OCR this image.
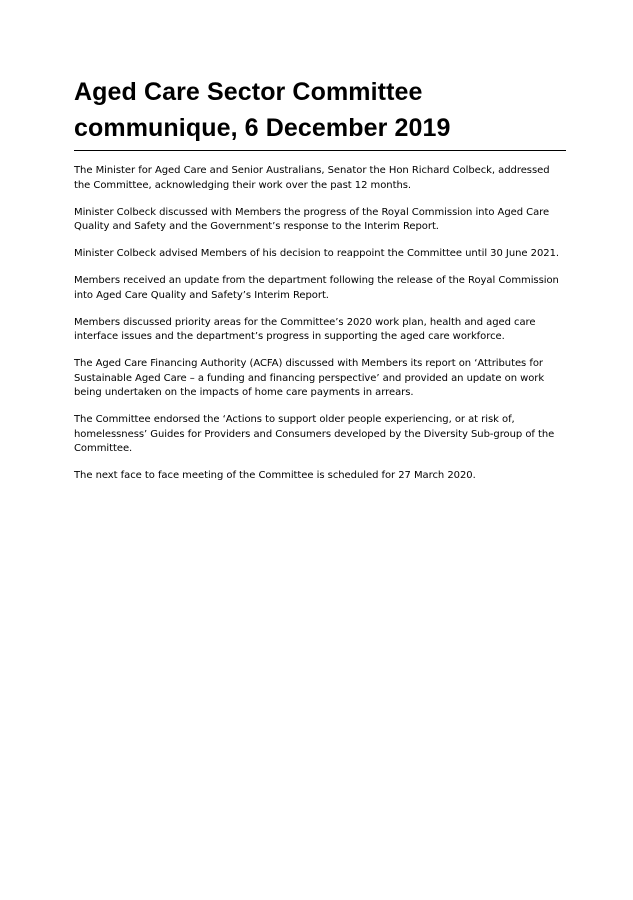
Aged Care Sector Committee
communique, 6 December 2019

The Minister for Aged Care and Senior Australians, Senator the Hon Richard Colbeck, addressed the Committee, acknowledging their work over the past 12 months.

Minister Colbeck discussed with Members the progress of the Royal Commission into Aged Care Quality and Safety and the Government’s response to the Interim Report.

Minister Colbeck advised Members of his decision to reappoint the Committee until 30 June 2021.

Members received an update from the department following the release of the Royal Commission into Aged Care Quality and Safety’s Interim Report.

Members discussed priority areas for the Committee’s 2020 work plan, health and aged care interface issues and the department’s progress in supporting the aged care workforce.

The Aged Care Financing Authority (ACFA) discussed with Members its report on ‘Attributes for Sustainable Aged Care – a funding and financing perspective’ and provided an update on work being undertaken on the impacts of home care payments in arrears.

The Committee endorsed the ‘Actions to support older people experiencing, or at risk of, homelessness’ Guides for Providers and Consumers developed by the Diversity Sub-group of the Committee.

The next face to face meeting of the Committee is scheduled for 27 March 2020.
